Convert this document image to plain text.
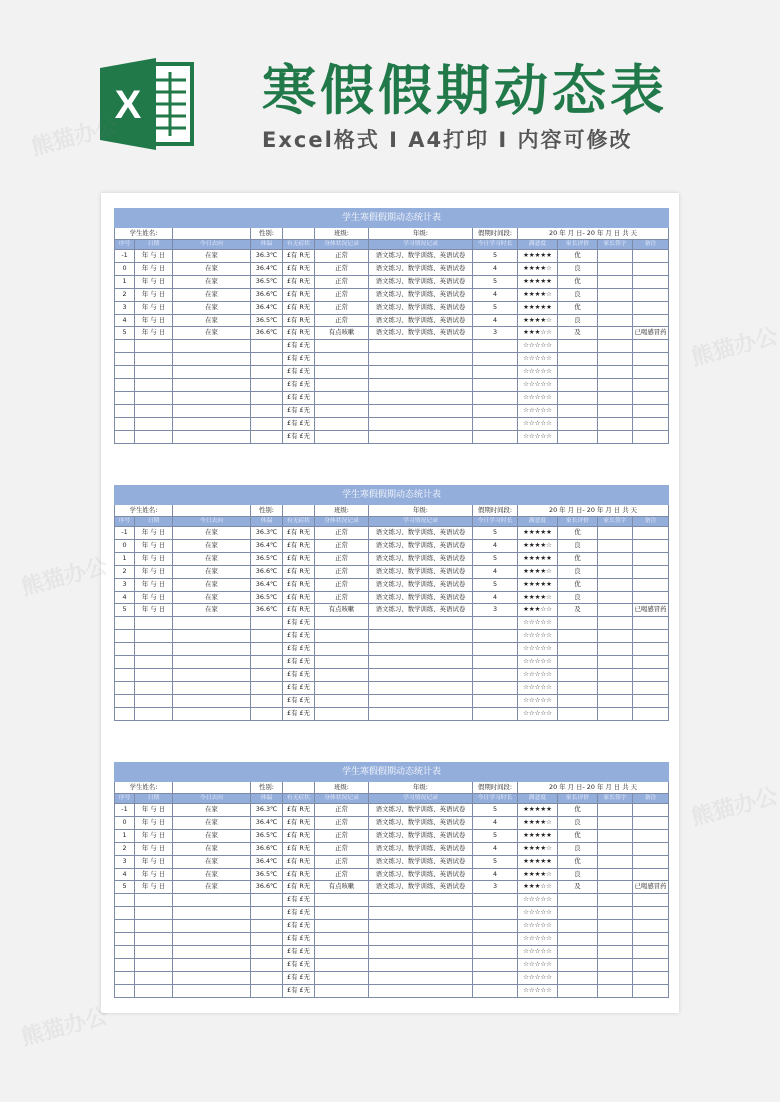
X 寒假假期动态表
Excel格式 I A4打印 I 内容可修改
学生寒假假期动态统计表											
学生姓名:			性别:		班级:	年级:	假期时间段:	20 年 月 日- 20 年 月 日 共 天			
序号	日期	今日去向	体温	有无症状	身体状况记录	学习情况记录	今日学习时长	满意度	家长评价	家长签字	备注
-1	年 与 日	在家	36.3℃	£有 R无	正常	语文练习、数学训练、英语试卷	5	★★★★★	优		
0	年 与 日	在家	36.4℃	£有 R无	正常	语文练习、数学训练、英语试卷	4	★★★★☆	良		
1	年 与 日	在家	36.5℃	£有 R无	正常	语文练习、数学训练、英语试卷	5	★★★★★	优		
2	年 与 日	在家	36.6℃	£有 R无	正常	语文练习、数学训练、英语试卷	4	★★★★☆	良		
3	年 与 日	在家	36.4℃	£有 R无	正常	语文练习、数学训练、英语试卷	5	★★★★★	优		
4	年 与 日	在家	36.5℃	£有 R无	正常	语文练习、数学训练、英语试卷	4	★★★★☆	良		
5	年 与 日	在家	36.6℃	£有 R无	有点咳嗽	语文练习、数学训练、英语试卷	3	★★★☆☆	及		已喝感冒药
				£有 £无				☆☆☆☆☆			
				£有 £无				☆☆☆☆☆			
				£有 £无				☆☆☆☆☆			
				£有 £无				☆☆☆☆☆			
				£有 £无				☆☆☆☆☆			
				£有 £无				☆☆☆☆☆			
				£有 £无				☆☆☆☆☆			
				£有 £无				☆☆☆☆☆			
学生寒假假期动态统计表											
学生姓名:			性别:		班级:	年级:	假期时间段:	20 年 月 日- 20 年 月 日 共 天			
序号	日期	今日去向	体温	有无症状	身体状况记录	学习情况记录	今日学习时长	满意度	家长评价	家长签字	备注
-1	年 与 日	在家	36.3℃	£有 R无	正常	语文练习、数学训练、英语试卷	5	★★★★★	优		
0	年 与 日	在家	36.4℃	£有 R无	正常	语文练习、数学训练、英语试卷	4	★★★★☆	良		
1	年 与 日	在家	36.5℃	£有 R无	正常	语文练习、数学训练、英语试卷	5	★★★★★	优		
2	年 与 日	在家	36.6℃	£有 R无	正常	语文练习、数学训练、英语试卷	4	★★★★☆	良		
3	年 与 日	在家	36.4℃	£有 R无	正常	语文练习、数学训练、英语试卷	5	★★★★★	优		
4	年 与 日	在家	36.5℃	£有 R无	正常	语文练习、数学训练、英语试卷	4	★★★★☆	良		
5	年 与 日	在家	36.6℃	£有 R无	有点咳嗽	语文练习、数学训练、英语试卷	3	★★★☆☆	及		已喝感冒药
				£有 £无				☆☆☆☆☆			
				£有 £无				☆☆☆☆☆			
				£有 £无				☆☆☆☆☆			
				£有 £无				☆☆☆☆☆			
				£有 £无				☆☆☆☆☆			
				£有 £无				☆☆☆☆☆			
				£有 £无				☆☆☆☆☆			
				£有 £无				☆☆☆☆☆			
学生寒假假期动态统计表											
学生姓名:			性别:		班级:	年级:	假期时间段:	20 年 月 日- 20 年 月 日 共 天			
序号	日期	今日去向	体温	有无症状	身体状况记录	学习情况记录	今日学习时长	满意度	家长评价	家长签字	备注
-1	年 与 日	在家	36.3℃	£有 R无	正常	语文练习、数学训练、英语试卷	5	★★★★★	优		
0	年 与 日	在家	36.4℃	£有 R无	正常	语文练习、数学训练、英语试卷	4	★★★★☆	良		
1	年 与 日	在家	36.5℃	£有 R无	正常	语文练习、数学训练、英语试卷	5	★★★★★	优		
2	年 与 日	在家	36.6℃	£有 R无	正常	语文练习、数学训练、英语试卷	4	★★★★☆	良		
3	年 与 日	在家	36.4℃	£有 R无	正常	语文练习、数学训练、英语试卷	5	★★★★★	优		
4	年 与 日	在家	36.5℃	£有 R无	正常	语文练习、数学训练、英语试卷	4	★★★★☆	良		
5	年 与 日	在家	36.6℃	£有 R无	有点咳嗽	语文练习、数学训练、英语试卷	3	★★★☆☆	及		已喝感冒药
				£有 £无				☆☆☆☆☆			
				£有 £无				☆☆☆☆☆			
				£有 £无				☆☆☆☆☆			
				£有 £无				☆☆☆☆☆			
				£有 £无				☆☆☆☆☆			
				£有 £无				☆☆☆☆☆			
				£有 £无				☆☆☆☆☆			
				£有 £无				☆☆☆☆☆			
熊猫办公
熊猫办公
熊猫办公
熊猫办公
熊猫办公
